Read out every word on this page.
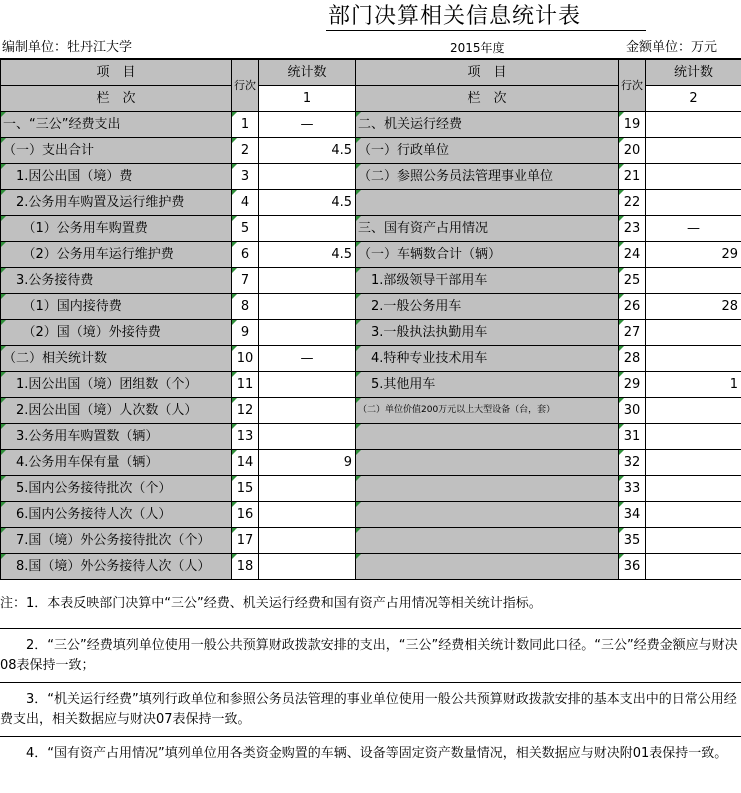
部门决算相关信息统计表
编制单位：牡丹江大学	2015年度	金额单位：万元
项　目	行次	统计数	项　目	行次	统计数
栏　次		1	栏　次		2
一、“三公”经费支出	1	—	二、机关运行经费	19	
（一）支出合计	2	4.5	（一）行政单位	20	
　1.因公出国（境）费	3		（二）参照公务员法管理事业单位	21	
　2.公务用车购置及运行维护费	4	4.5		22	
　　（1）公务用车购置费	5		三、国有资产占用情况	23	—
　　（2）公务用车运行维护费	6	4.5	（一）车辆数合计（辆）	24	29
　3.公务接待费	7		　1.部级领导干部用车	25	
　　（1）国内接待费	8		　2.一般公务用车	26	28
　　（2）国（境）外接待费	9		　3.一般执法执勤用车	27	
（二）相关统计数	10	—	　4.特种专业技术用车	28	
　1.因公出国（境）团组数（个）	11		　5.其他用车	29	1
　2.因公出国（境）人次数（人）	12		（二）单位价值200万元以上大型设备（台，套）	30	
　3.公务用车购置数（辆）	13			31	
　4.公务用车保有量（辆）	14	9		32	
　5.国内公务接待批次（个）	15			33	
　6.国内公务接待人次（人）	16			34	
　7.国（境）外公务接待批次（个）	17			35	
　8.国（境）外公务接待人次（人）	18			36	
注：1．本表反映部门决算中“三公”经费、机关运行经费和国有资产占用情况等相关统计指标。
　　2．“三公”经费填列单位使用一般公共预算财政拨款安排的支出，“三公”经费相关统计数同此口径。“三公”经费金额应与财决08表保持一致；
　　3．“机关运行经费”填列行政单位和参照公务员法管理的事业单位使用一般公共预算财政拨款安排的基本支出中的日常公用经费支出，相关数据应与财决07表保持一致。
　　4．“国有资产占用情况”填列单位用各类资金购置的车辆、设备等固定资产数量情况，相关数据应与财决附01表保持一致。
